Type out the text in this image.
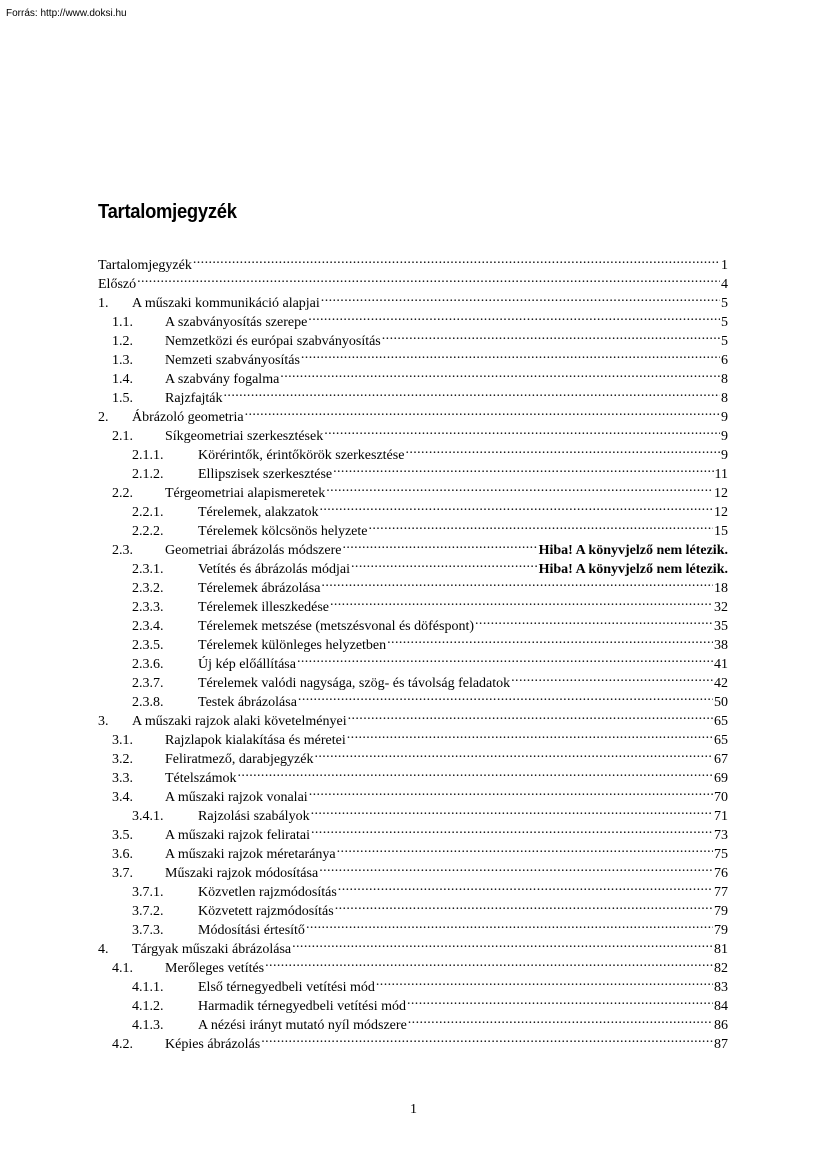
Forrás: http://www.doksi.hu
Tartalomjegyzék
Tartalomjegyzék .....	1
Előszó .....	4
1.	A műszaki kommunikáció alapjai .....	5
1.1.	A szabványosítás szerepe .....	5
1.2.	Nemzetközi és európai szabványosítás .....	5
1.3.	Nemzeti szabványosítás .....	6
1.4.	A szabvány fogalma .....	8
1.5.	Rajzfajták .....	8
2.	Ábrázoló geometria .....	9
2.1.	Síkgeometriai szerkesztések .....	9
2.1.1.	Körérintők, érintőkörök szerkesztése .....	9
2.1.2.	Ellipszisek szerkesztése .....	11
2.2.	Térgeometriai alapismeretek .....	12
2.2.1.	Térelemek, alakzatok .....	12
2.2.2.	Térelemek kölcsönös helyzete .....	15
2.3.	Geometriai ábrázolás módszere .....	Hiba! A könyvjelző nem létezik.
2.3.1.	Vetítés és ábrázolás módjai .....	Hiba! A könyvjelző nem létezik.
2.3.2.	Térelemek ábrázolása .....	18
2.3.3.	Térelemek illeszkedése .....	32
2.3.4.	Térelemek metszése (metszésvonal és döféspont) .....	35
2.3.5.	Térelemek különleges helyzetben .....	38
2.3.6.	Új kép előállítása .....	41
2.3.7.	Térelemek valódi nagysága, szög- és távolság feladatok .....	42
2.3.8.	Testek ábrázolása .....	50
3.	A műszaki rajzok alaki követelményei .....	65
3.1.	Rajzlapok kialakítása és méretei .....	65
3.2.	Feliratmező, darabjegyzék .....	67
3.3.	Tételszámok .....	69
3.4.	A műszaki rajzok vonalai .....	70
3.4.1.	Rajzolási szabályok .....	71
3.5.	A műszaki rajzok feliratai .....	73
3.6.	A műszaki rajzok méretaránya .....	75
3.7.	Műszaki rajzok módosítása .....	76
3.7.1.	Közvetlen rajzmódosítás .....	77
3.7.2.	Közvetett rajzmódosítás .....	79
3.7.3.	Módosítási értesítő .....	79
4.	Tárgyak műszaki ábrázolása .....	81
4.1.	Merőleges vetítés .....	82
4.1.1.	Első térnegyedbeli vetítési mód .....	83
4.1.2.	Harmadik térnegyedbeli vetítési mód .....	84
4.1.3.	A nézési irányt mutató nyíl módszere .....	86
4.2.	Képies ábrázolás .....	87
1
